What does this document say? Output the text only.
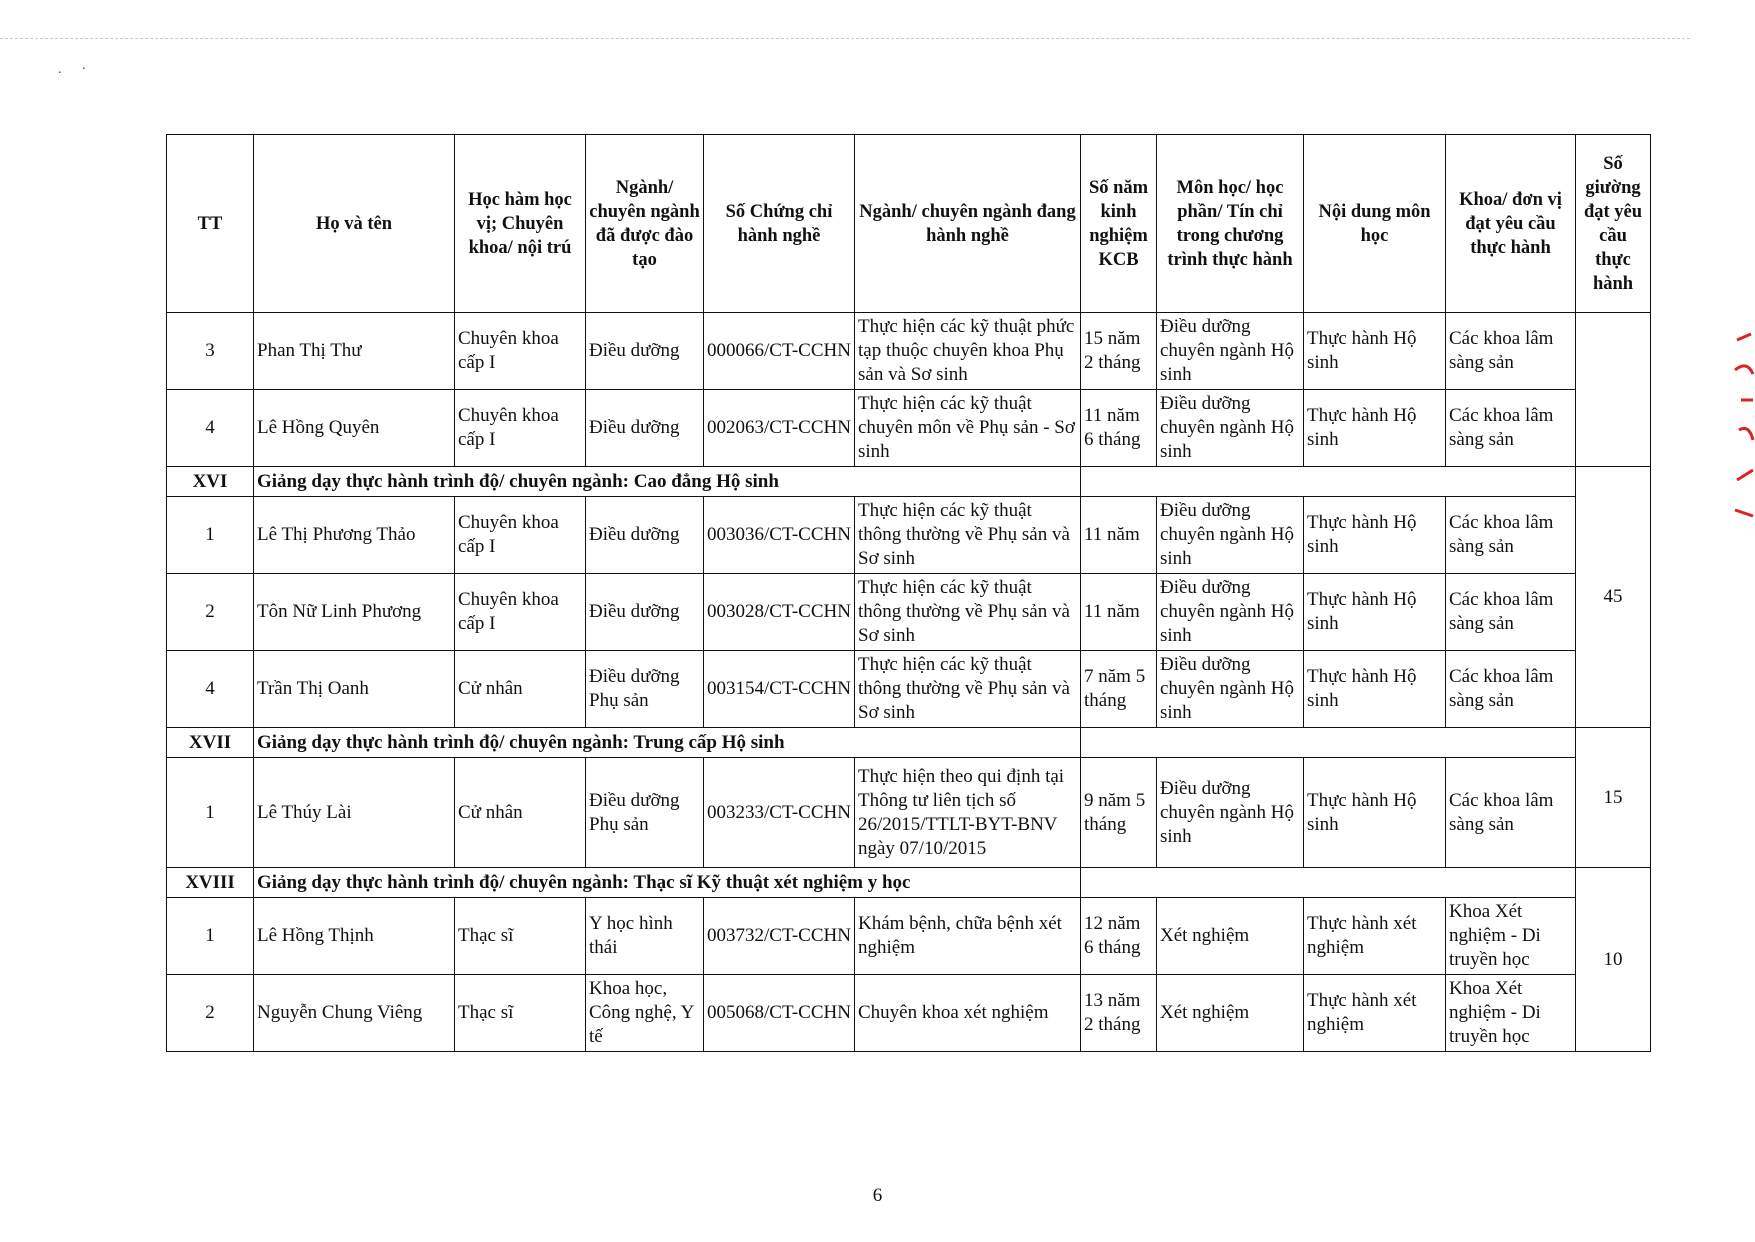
.·
TT	Họ và tên	Học hàm học vị; Chuyên khoa/ nội trú	Ngành/ chuyên ngành đã được đào tạo	Số Chứng chỉ hành nghề	Ngành/ chuyên ngành đang hành nghề	Số năm kinh nghiệm KCB	Môn học/ học phần/ Tín chỉ trong chương trình thực hành	Nội dung môn học	Khoa/ đơn vị đạt yêu cầu thực hành	Số giường đạt yêu cầu thực hành
3	Phan Thị Thư	Chuyên khoa cấp I	Điều dưỡng	000066/CT-CCHN	Thực hiện các kỹ thuật phức tạp thuộc chuyên khoa Phụ sản và Sơ sinh	15 năm 2 tháng	Điều dưỡng chuyên ngành Hộ sinh	Thực hành Hộ sinh	Các khoa lâm sàng sản	
4	Lê Hồng Quyên	Chuyên khoa cấp I	Điều dưỡng	002063/CT-CCHN	Thực hiện các kỹ thuật chuyên môn về Phụ sản - Sơ sinh	11 năm 6 tháng	Điều dưỡng chuyên ngành Hộ sinh	Thực hành Hộ sinh	Các khoa lâm sàng sản	
XVI	Giảng dạy thực hành trình độ/ chuyên ngành: Cao đẳng Hộ sinh									45
1	Lê Thị Phương Thảo	Chuyên khoa cấp I	Điều dưỡng	003036/CT-CCHN	Thực hiện các kỹ thuật thông thường về Phụ sản và Sơ sinh	11 năm	Điều dưỡng chuyên ngành Hộ sinh	Thực hành Hộ sinh	Các khoa lâm sàng sản	
2	Tôn Nữ Linh Phương	Chuyên khoa cấp I	Điều dưỡng	003028/CT-CCHN	Thực hiện các kỹ thuật thông thường về Phụ sản và Sơ sinh	11 năm	Điều dưỡng chuyên ngành Hộ sinh	Thực hành Hộ sinh	Các khoa lâm sàng sản	
4	Trần Thị Oanh	Cử nhân	Điều dưỡng Phụ sản	003154/CT-CCHN	Thực hiện các kỹ thuật thông thường về Phụ sản và Sơ sinh	7 năm 5 tháng	Điều dưỡng chuyên ngành Hộ sinh	Thực hành Hộ sinh	Các khoa lâm sàng sản	
XVII	Giảng dạy thực hành trình độ/ chuyên ngành: Trung cấp Hộ sinh									15
1	Lê Thúy Lài	Cử nhân	Điều dưỡng Phụ sản	003233/CT-CCHN	Thực hiện theo qui định tại Thông tư liên tịch số 26/2015/TTLT-BYT-BNV ngày 07/10/2015	9 năm 5 tháng	Điều dưỡng chuyên ngành Hộ sinh	Thực hành Hộ sinh	Các khoa lâm sàng sản	
XVIII	Giảng dạy thực hành trình độ/ chuyên ngành: Thạc sĩ Kỹ thuật xét nghiệm y học									10
1	Lê Hồng Thịnh	Thạc sĩ	Y học hình thái	003732/CT-CCHN	Khám bệnh, chữa bệnh xét nghiệm	12 năm 6 tháng	Xét nghiệm	Thực hành xét nghiệm	Khoa Xét nghiệm - Di truyền học	
2	Nguyễn Chung Viêng	Thạc sĩ	Khoa học, Công nghệ, Y tế	005068/CT-CCHN	Chuyên khoa xét nghiệm	13 năm 2 tháng	Xét nghiệm	Thực hành xét nghiệm	Khoa Xét nghiệm - Di truyền học	
6
